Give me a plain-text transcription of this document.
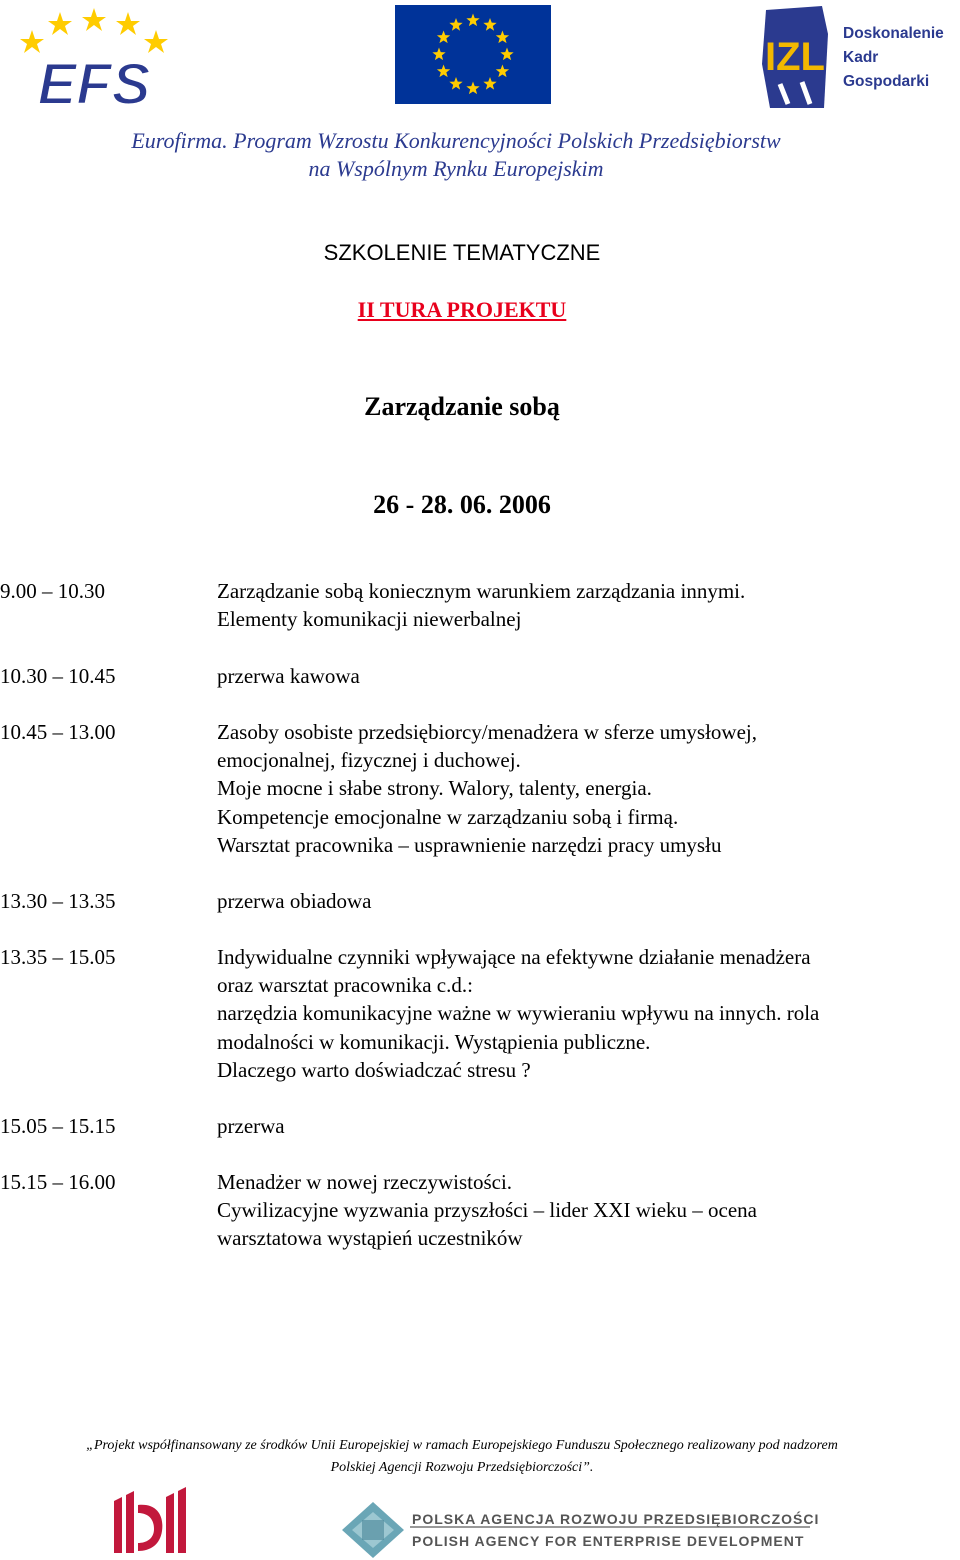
EFS	IZL
Doskonalenie
Kadr
Gospodarki
Eurofirma. Program Wzrostu Konkurencyjności Polskich Przedsiębiorstw
na Wspólnym Rynku Europejskim
SZKOLENIE TEMATYCZNE
II TURA PROJEKTU
Zarządzanie sobą
26 - 28. 06. 2006
9.00 – 10.30	Zarządzanie sobą koniecznym warunkiem zarządzania innymi.
Elementy komunikacji niewerbalnej
10.30 – 10.45	przerwa kawowa
10.45 – 13.00	Zasoby osobiste przedsiębiorcy/menadżera w sferze umysłowej,
emocjonalnej, fizycznej i duchowej.
Moje mocne i słabe strony. Walory, talenty, energia.
Kompetencje emocjonalne w zarządzaniu sobą i firmą.
Warsztat pracownika – usprawnienie narzędzi pracy umysłu
13.30 – 13.35	przerwa obiadowa
13.35 – 15.05	Indywidualne czynniki wpływające na efektywne działanie menadżera
oraz warsztat pracownika c.d.:
narzędzia komunikacyjne ważne w wywieraniu wpływu na innych. rola
modalności w komunikacji. Wystąpienia publiczne.
Dlaczego warto doświadczać stresu ?
15.05 – 15.15	przerwa
15.15 – 16.00	Menadżer w nowej rzeczywistości.
Cywilizacyjne wyzwania przyszłości – lider XXI wieku – ocena
warsztatowa wystąpień uczestników
„Projekt współfinansowany ze środków Unii Europejskiej w ramach Europejskiego Funduszu Społecznego realizowany pod nadzorem
Polskiej Agencji Rozwoju Przedsiębiorczości”.
POLSKA AGENCJA ROZWOJU PRZEDSIĘBIORCZOŚCI
POLISH AGENCY FOR ENTERPRISE DEVELOPMENT
